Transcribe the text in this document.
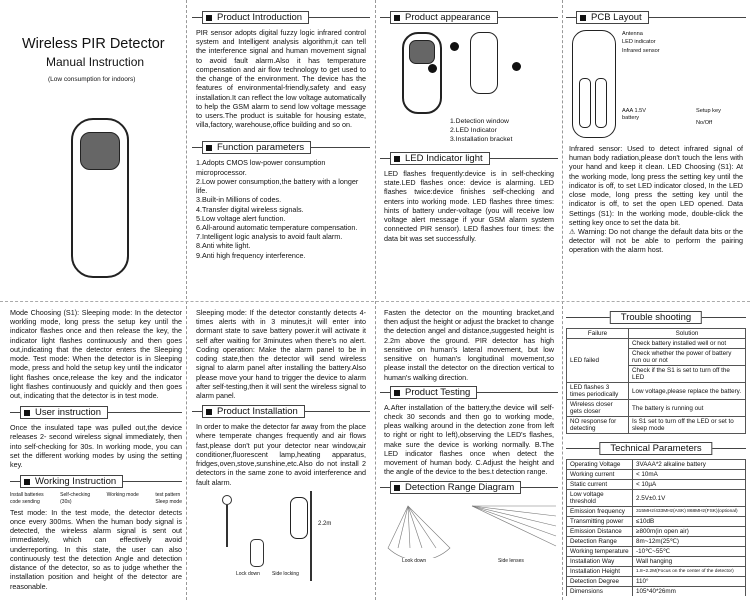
Wireless PIR Detector
Manual Instruction
(Low consumption for indoors)
Product Introduction
PIR sensor adopts digital fuzzy logic infrared control system and Intelligent analysis algorithm,it can tell the interference signal and human movement signal to avoid fault alarm.Also it has temperature compensation and air flow technology to get used to the change of the environment. The device has the features of environmental-friendly,safety and easy installation.It can reflect the low voltage automatically to help the GSM alarm to send low voltage message to users.The product is suitable for housing estate, villa,factory, warehouse,office building and so on.
Function parameters
1.Adopts CMOS low-power consumption microprocessor.
2.Low power consumption,the battery with a longer life.
3.Built-in Millions of codes.
4.Transfer digital wireless signals.
5.Low voltage alert function.
6.All-around automatic temperature compensation.
7.Intelligent logic analysis to avoid fault alarm.
8.Anti white light.
9.Anti high frequency interference.
Product appearance
1.Detection window
2.LED Indicator
3.Installation bracket
LED Indicator light
LED flashes frequently:device is in self-checking state.LED flashes once: device is alarming. LED flashes twice:device finishes self-checking and enters into working mode. LED flashes three times: hints of battery under-voltage (you will receive low voltage alert message if your GSM alarm system connected PIR sensor). LED flashes four times: the data bit was set successfully.
PCB Layout
Antenna
LED indicator
Infrared sensor
AAA 1.5V battery
Setup key
No/Off
Infrared sensor: Used to detect infrared signal of human body radiation,please don't touch the lens with your hand and keep it clean. LED Choosing (S1): At the working mode, long press the setting key until the indicator is off, to set LED indicator closed, In the LED close mode, long press the setting key until the indicator is off, to set the open LED opened. Data Settings (S1): In the working mode, double-click the setting key once to set the data bit.
⚠ Warning: Do not change the default data bits or the detector will not be able to perform the pairing operation with the alarm host.
Mode Choosing (S1): Sleeping mode: In the detector workling mode, long press the setup key until the indicator flashes once and then release the key, the indicator light flashes continuously and then goes out,indicating that the detector enters the Sleeping mode. Test mode: When the detector is in Sleeping mode, press and hold the setup key until the indicator light flashes once,release the key and the indicator light flashes continuously and quickly and then goes out, indicating that the detector is in test mode.
User instruction
Once the insulated tape was pulled out,the device releases 2- second wireless signal immediately, then into self-checking for 30s. In working mode, you can set the different working modes by using the setting key.
Working Instruction
Install batteries
code sending
Self-checking
(30s)
Working mode	test pattern
Sleep mode
Test mode: In the test mode, the detector detects once every 300ms. When the human body signal is detected, the wireless alarm signal is sent out immediately, which can effectively avoid underreporting. In this state, the user can also continuously test the detection Angle and detection distance of the detector, so as to judge whether the installation position and height of the detector are reasonable.
Sleeping mode: If the detector constantly detects 4-times alerts with in 3 minutes,it will enter into dormant state to save battery power.it will activate it self after waiting for 3minutes when there's no alert. Coding operation: Make the alarm panel to be in coding state,then the detector will send wireless signal to alarm panel after installing the battery.Also please move your hand to trigger the device to alarm after self-testing,then it will sent the wireless signal to alarm panel.
Product Installation
In order to make the detector far away from the place where temperate changes frequently and air flows fast,please don't put your detector near window,air conditioner,fluorescent lamp,heating apparatus, fridges,oven,stove,sunshine,etc.Also do not install 2 detectors in the same zone to avoid interference and fault alarm.
2.2m
Lock down Side locking
Fasten the detector on the mounting bracket,and then adjust the height or adjust the bracket to change the detection angel and distance,suggested height is 2.2m above the ground. PIR detector has high sensitive on human's lateral movement, but low sensitive on human's longitudinal movement,so please install the detector on the direction vertical to human's walking direction.
Product Testing
A.After installation of the battery,the device will self-check 30 seconds and then go to working mode, pleas walking around in the detection zone from left to right or right to left),observing the LED's flashes, make sure the device is working normally. B.The LED indicator flashes once when detect the movement of human body. C.Adjust the height and the angle of the device to the bes.t detection range.
Detection Range Diagram
Look down	Side lenses
Trouble shooting
Failure	Solution
LED failed	Check battery installed well or not
	Check whether the power of battery run ou or not
	Check if the S1 is set to turn off the LED
LED flashes 3 times periodically	Low voltage,please replace the battery.
Wireless closer gets closer	The battery is running out
NO response for detecting	Is S1 set to turn off the LED or set to sleep mode
Technical Parameters
Operating Voltage	3VAAA*2 alkaline battery
Working current	< 10mA
Static current	< 10µA
Low voltage threshold	2.5V±0.1V
Emission frequency	315MHz/433MHz(ASK) 868MHz(FSK)(optional)
Transmitting power	≤10dB
Emission Distance	≥800m(in open air)
Detection Range	8m~12m(25℃)
Working temperature	-10℃~55℃
Installation Way	Wall hanging
Installation Height	1.8~2.2M(Focus on the center of the detector)
Detection Degree	110°
Dimensions	105*40*26mm
